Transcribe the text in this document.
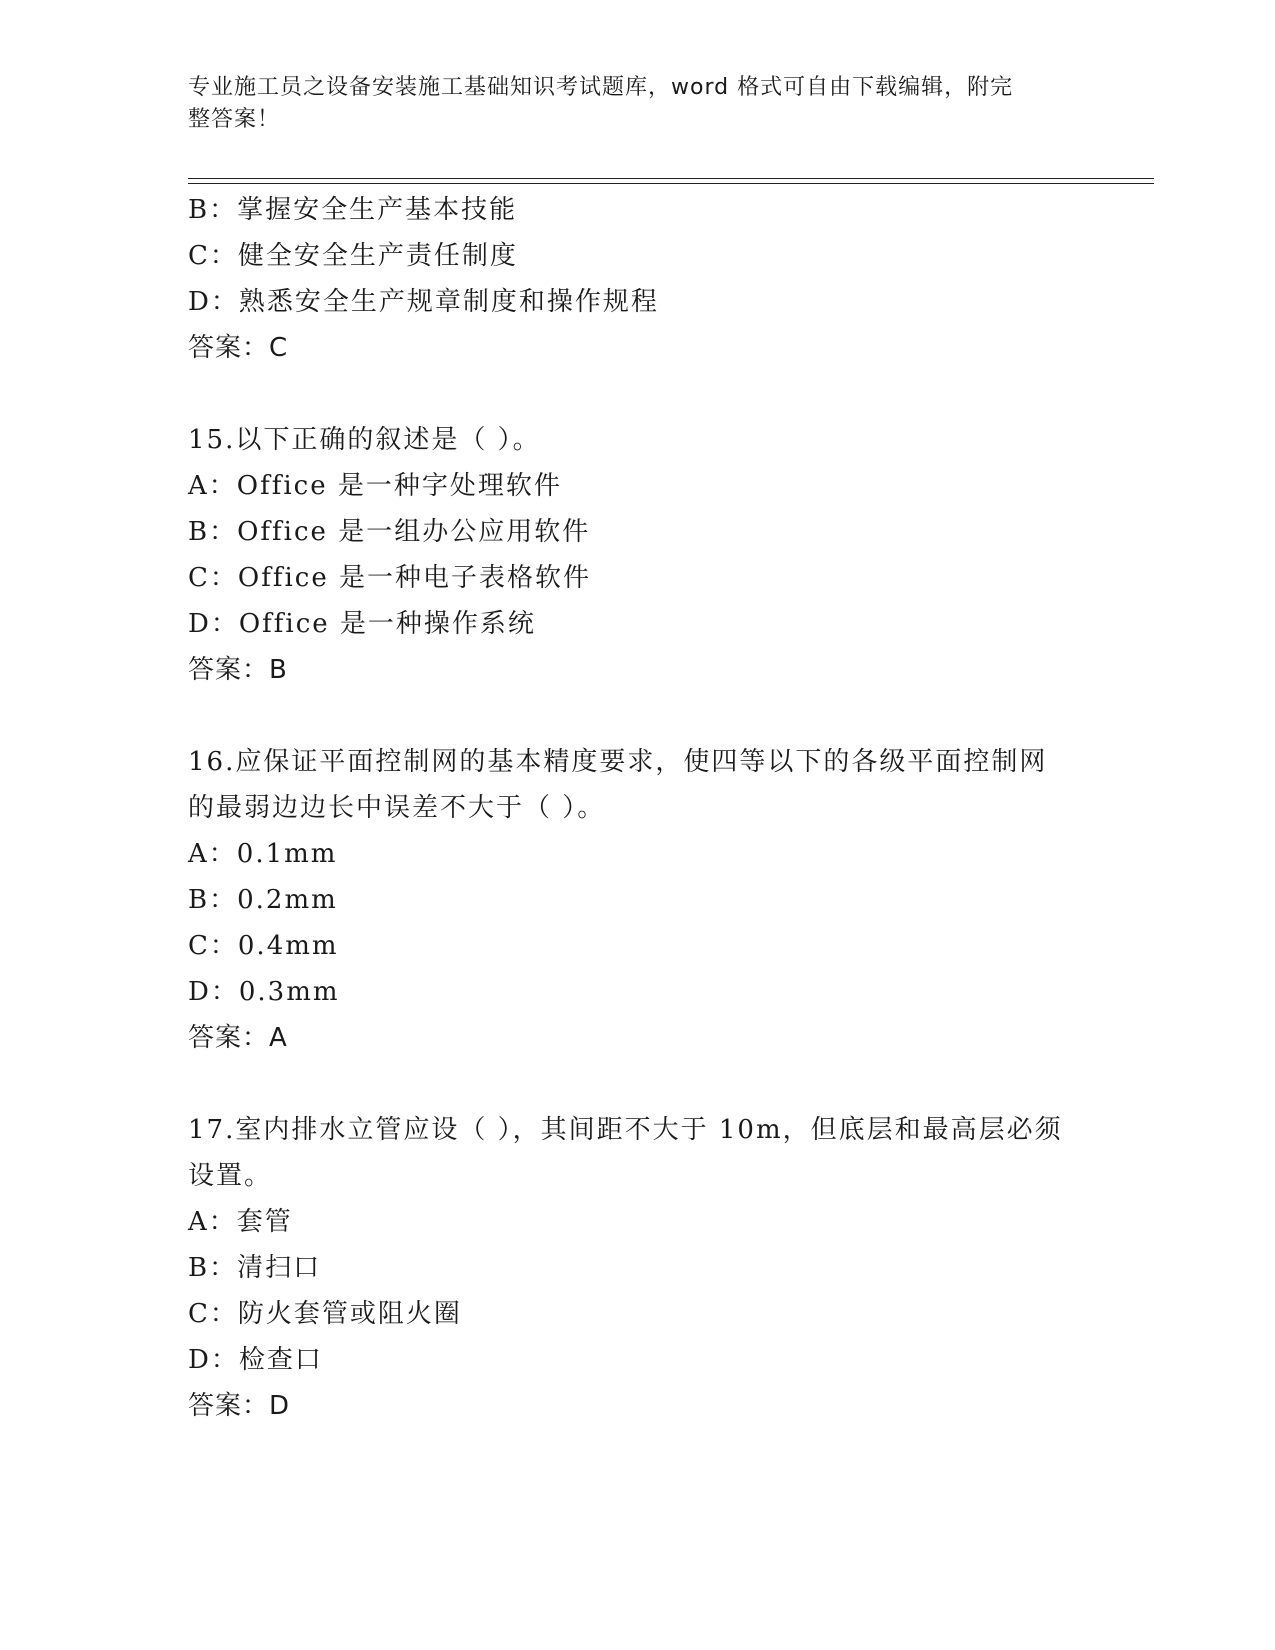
专业施工员之设备安装施工基础知识考试题库，word 格式可自由下载编辑，附完
整答案！
B：掌握安全生产基本技能
C：健全安全生产责任制度
D：熟悉安全生产规章制度和操作规程
答案：C
15.以下正确的叙述是（ ）。
A：Office 是一种字处理软件
B：Office 是一组办公应用软件
C：Office 是一种电子表格软件
D：Office 是一种操作系统
答案：B
16.应保证平面控制网的基本精度要求，使四等以下的各级平面控制网
的最弱边边长中误差不大于（ ）。
A：0.1mm
B：0.2mm
C：0.4mm
D：0.3mm
答案：A
17.室内排水立管应设（ ），其间距不大于 10m，但底层和最高层必须
设置。
A：套管
B：清扫口
C：防火套管或阻火圈
D：检查口
答案：D
